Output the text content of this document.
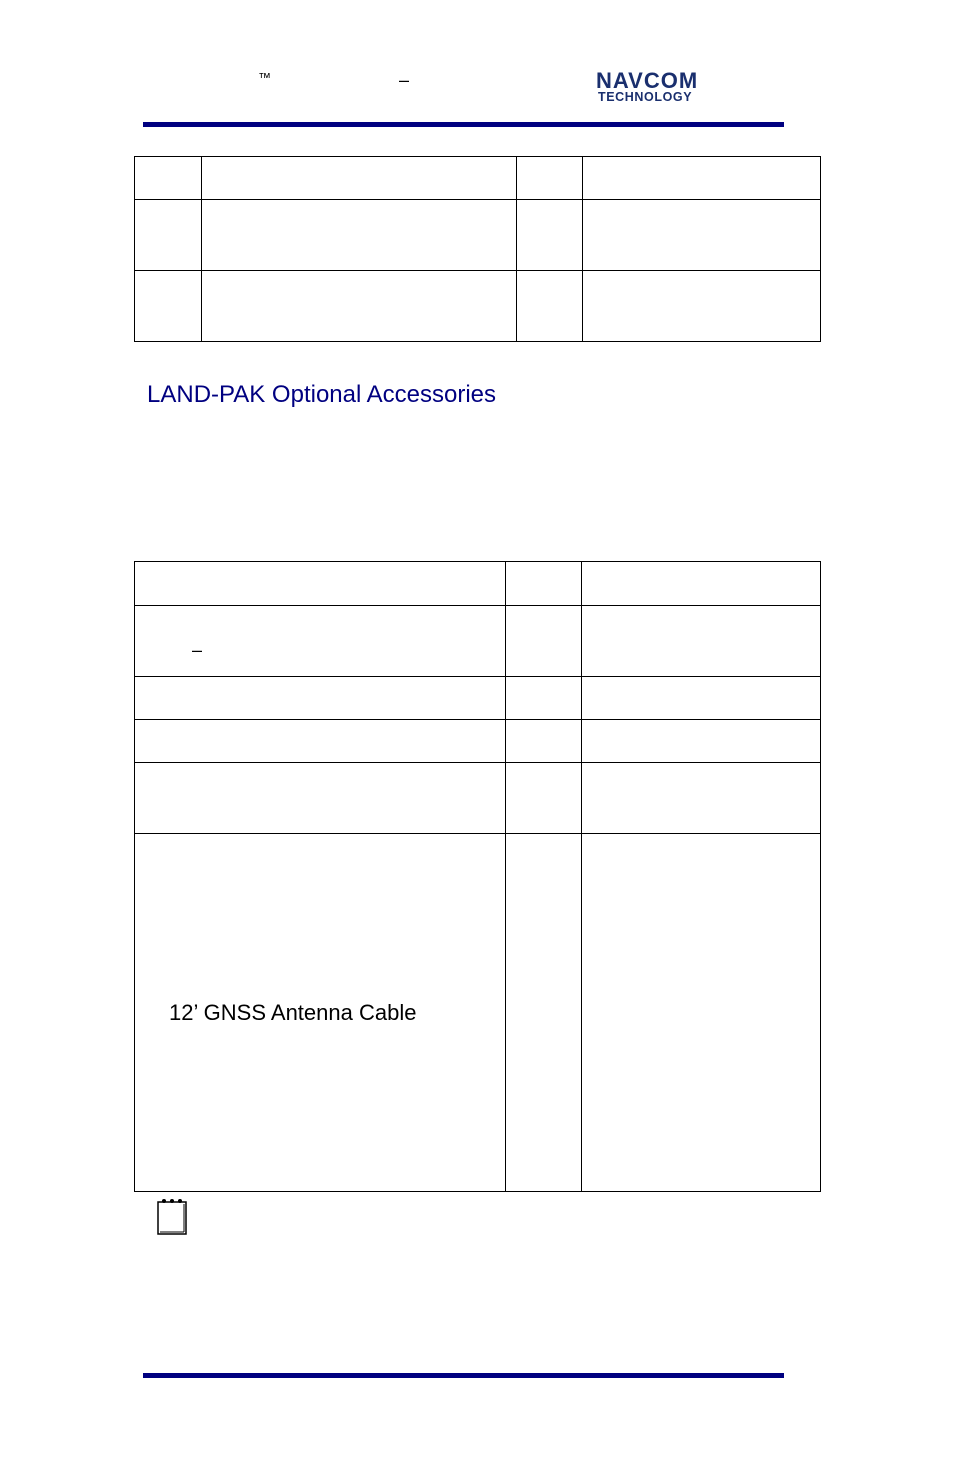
™	–	NAVCOM
TECHNOLOGY

LAND-PAK Optional Accessories

–		

12’ GNSS Antenna Cable		
